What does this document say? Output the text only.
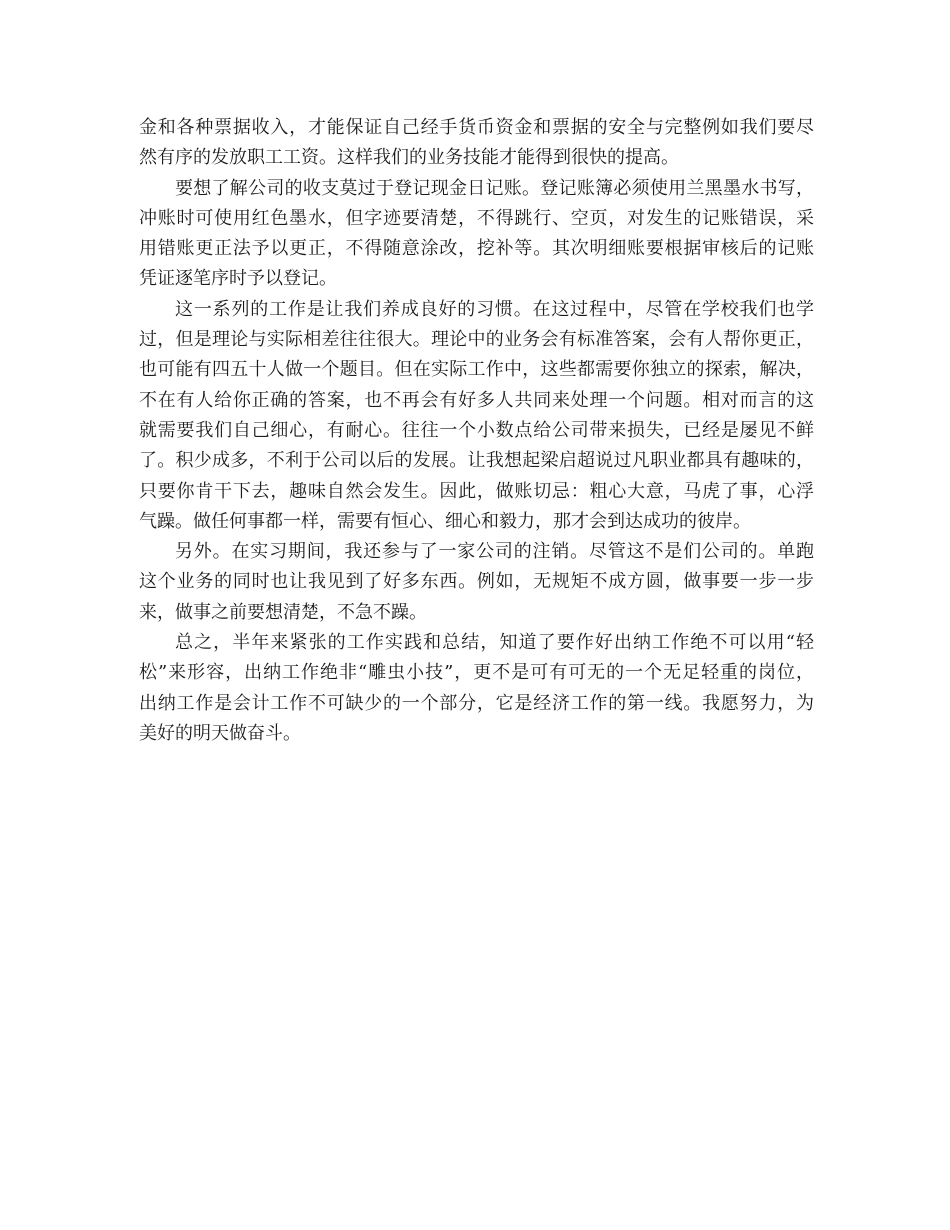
金和各种票据收入，才能保证自己经手货币资金和票据的安全与完整例如我们要尽
然有序的发放职工工资。这样我们的业务技能才能得到很快的提高。
要想了解公司的收支莫过于登记现金日记账。登记账簿必须使用兰黑墨水书写，
冲账时可使用红色墨水，但字迹要清楚，不得跳行、空页，对发生的记账错误，采
用错账更正法予以更正，不得随意涂改，挖补等。其次明细账要根据审核后的记账
凭证逐笔序时予以登记。
这一系列的工作是让我们养成良好的习惯。在这过程中，尽管在学校我们也学
过，但是理论与实际相差往往很大。理论中的业务会有标准答案，会有人帮你更正，
也可能有四五十人做一个题目。但在实际工作中，这些都需要你独立的探索，解决，
不在有人给你正确的答案，也不再会有好多人共同来处理一个问题。相对而言的这
就需要我们自己细心，有耐心。往往一个小数点给公司带来损失，已经是屡见不鲜
了。积少成多，不利于公司以后的发展。让我想起梁启超说过凡职业都具有趣味的，
只要你肯干下去，趣味自然会发生。因此，做账切忌：粗心大意，马虎了事，心浮
气躁。做任何事都一样，需要有恒心、细心和毅力，那才会到达成功的彼岸。
另外。在实习期间，我还参与了一家公司的注销。尽管这不是们公司的。单跑
这个业务的同时也让我见到了好多东西。例如，无规矩不成方圆，做事要一步一步
来，做事之前要想清楚，不急不躁。
总之，半年来紧张的工作实践和总结，知道了要作好出纳工作绝不可以用“轻
松”来形容，出纳工作绝非“雕虫小技”，更不是可有可无的一个无足轻重的岗位，
出纳工作是会计工作不可缺少的一个部分，它是经济工作的第一线。我愿努力，为
美好的明天做奋斗。
